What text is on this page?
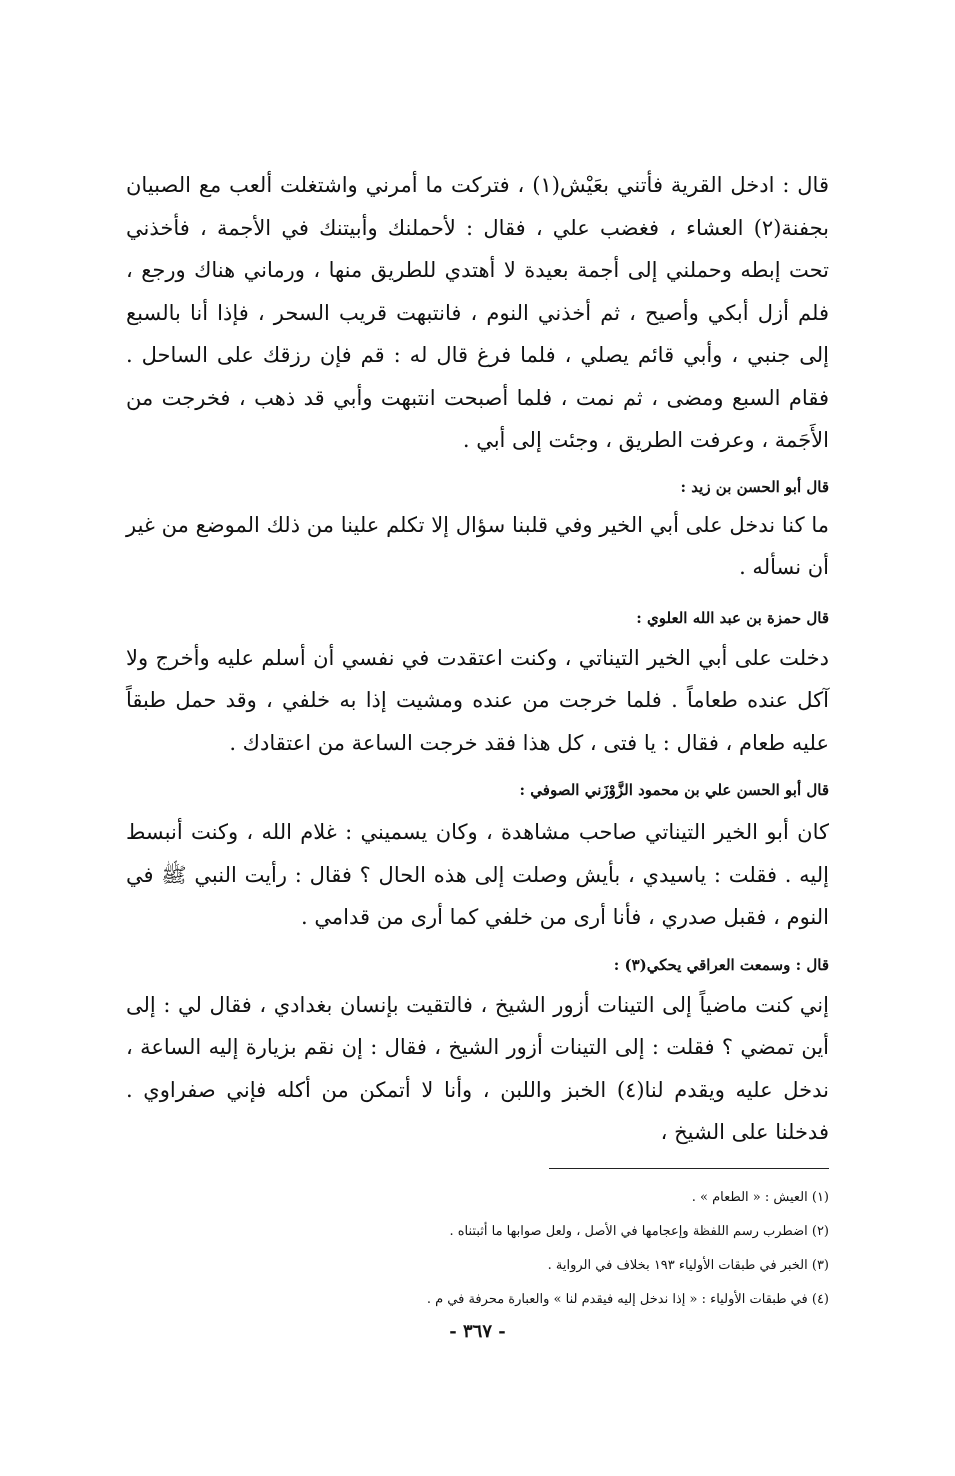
قال : ادخل القرية فأتني بعَيْش(١) ، فتركت ما أمرني واشتغلت ألعب مع الصبيان بجفنة(٢) العشاء ، فغضب علي ، فقال : لأحملنك وأبيتنك في الأجمة ، فأخذني تحت إبطه وحملني إلى أجمة بعيدة لا أهتدي للطريق منها ، ورماني هناك ورجع ، فلم أزل أبكي وأصيح ، ثم أخذني النوم ، فانتبهت قريب السحر ، فإذا أنا بالسبع إلى جنبي ، وأبي قائم يصلي ، فلما فرغ قال له : قم فإن رزقك على الساحل . فقام السبع ومضى ، ثم نمت ، فلما أصبحت انتبهت وأبي قد ذهب ، فخرجت من الأَجَمة ، وعرفت الطريق ، وجئت إلى أبي .

قال أبو الحسن بن زيد :

ما كنا ندخل على أبي الخير وفي قلبنا سؤال إلا تكلم علينا من ذلك الموضع من غير أن نسأله .

قال حمزة بن عبد الله العلوي :

دخلت على أبي الخير التيناتي ، وكنت اعتقدت في نفسي أن أسلم عليه وأخرج ولا آكل عنده طعاماً . فلما خرجت من عنده ومشيت إذا به خلفي ، وقد حمل طبقاً عليه طعام ، فقال : يا فتى ، كل هذا فقد خرجت الساعة من اعتقادك .

قال أبو الحسن علي بن محمود الزَّوْزَني الصوفي :

كان أبو الخير التيناتي صاحب مشاهدة ، وكان يسميني : غلام الله ، وكنت أنبسط إليه . فقلت : ياسيدي ، بأيش وصلت إلى هذه الحال ؟ فقال : رأيت النبي ﷺ في النوم ، فقبل صدري ، فأنا أرى من خلفي كما أرى من قدامي .

قال : وسمعت العراقي يحكي(٣) :

إني كنت ماضياً إلى التينات أزور الشيخ ، فالتقيت بإنسان بغدادي ، فقال لي : إلى أين تمضي ؟ فقلت : إلى التينات أزور الشيخ ، فقال : إن نقم بزيارة إليه الساعة ، ندخل عليه ويقدم لنا(٤) الخبز واللبن ، وأنا لا أتمكن من أكله فإني صفراوي . فدخلنا على الشيخ ،

(١) العيش : « الطعام » .

(٢) اضطرب رسم اللفظة وإعجامها في الأصل ، ولعل صوابها ما أثبتناه .

(٣) الخبر في طبقات الأولياء ١٩٣ بخلاف في الرواية .

(٤) في طبقات الأولياء : « إذا ندخل إليه فيقدم لنا » والعبارة محرفة في م .

- ٣٦٧ -
